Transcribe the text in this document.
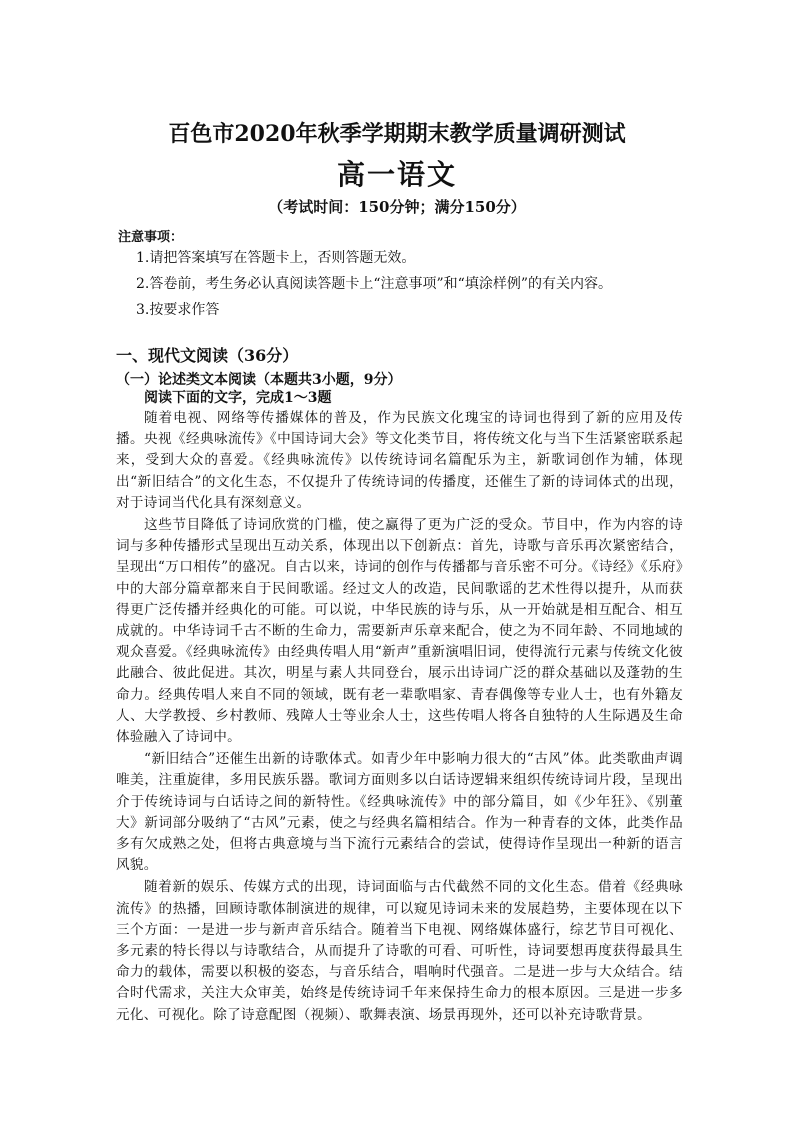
百色市2020年秋季学期期末教学质量调研测试
高一语文
（考试时间：150分钟；满分150分）
注意事项：
1.请把答案填写在答题卡上，否则答题无效。
2.答卷前，考生务必认真阅读答题卡上“注意事项”和“填涂样例”的有关内容。
3.按要求作答
一、现代文阅读（36分）
（一）论述类文本阅读（本题共3小题，9分）
阅读下面的文字，完成1～3题

随着电视、网络等传播媒体的普及，作为民族文化瑰宝的诗词也得到了新的应用及传播。央视《经典咏流传》《中国诗词大会》等文化类节目，将传统文化与当下生活紧密联系起来，受到大众的喜爱。《经典咏流传》以传统诗词名篇配乐为主，新歌词创作为辅，体现出“新旧结合”的文化生态，不仅提升了传统诗词的传播度，还催生了新的诗词体式的出现，对于诗词当代化具有深刻意义。

这些节目降低了诗词欣赏的门槛，使之赢得了更为广泛的受众。节目中，作为内容的诗词与多种传播形式呈现出互动关系，体现出以下创新点：首先，诗歌与音乐再次紧密结合，呈现出“万口相传”的盛况。自古以来，诗词的创作与传播都与音乐密不可分。《诗经》《乐府》中的大部分篇章都来自于民间歌谣。经过文人的改造，民间歌谣的艺术性得以提升，从而获得更广泛传播并经典化的可能。可以说，中华民族的诗与乐，从一开始就是相互配合、相互成就的。中华诗词千古不断的生命力，需要新声乐章来配合，使之为不同年龄、不同地域的观众喜爱。《经典咏流传》由经典传唱人用“新声”重新演唱旧词，使得流行元素与传统文化彼此融合、彼此促进。其次，明星与素人共同登台，展示出诗词广泛的群众基础以及蓬勃的生命力。经典传唱人来自不同的领域，既有老一辈歌唱家、青春偶像等专业人士，也有外籍友人、大学教授、乡村教师、残障人士等业余人士，这些传唱人将各自独特的人生际遇及生命体验融入了诗词中。

“新旧结合”还催生出新的诗歌体式。如青少年中影响力很大的“古风”体。此类歌曲声调唯美，注重旋律，多用民族乐器。歌词方面则多以白话诗逻辑来组织传统诗词片段，呈现出介于传统诗词与白话诗之间的新特性。《经典咏流传》中的部分篇目，如《少年狂》、《别董大》新词部分吸纳了“古风”元素，使之与经典名篇相结合。作为一种青春的文体，此类作品多有欠成熟之处，但将古典意境与当下流行元素结合的尝试，使得诗作呈现出一种新的语言风貌。

随着新的娱乐、传媒方式的出现，诗词面临与古代截然不同的文化生态。借着《经典咏流传》的热播，回顾诗歌体制演进的规律，可以窥见诗词未来的发展趋势，主要体现在以下三个方面：一是进一步与新声音乐结合。随着当下电视、网络媒体盛行，综艺节目可视化、多元素的特长得以与诗歌结合，从而提升了诗歌的可看、可听性，诗词要想再度获得最具生命力的载体，需要以积极的姿态，与音乐结合，唱响时代强音。二是进一步与大众结合。结合时代需求，关注大众审美，始终是传统诗词千年来保持生命力的根本原因。三是进一步多元化、可视化。除了诗意配图（视频）、歌舞表演、场景再现外，还可以补充诗歌背景。
